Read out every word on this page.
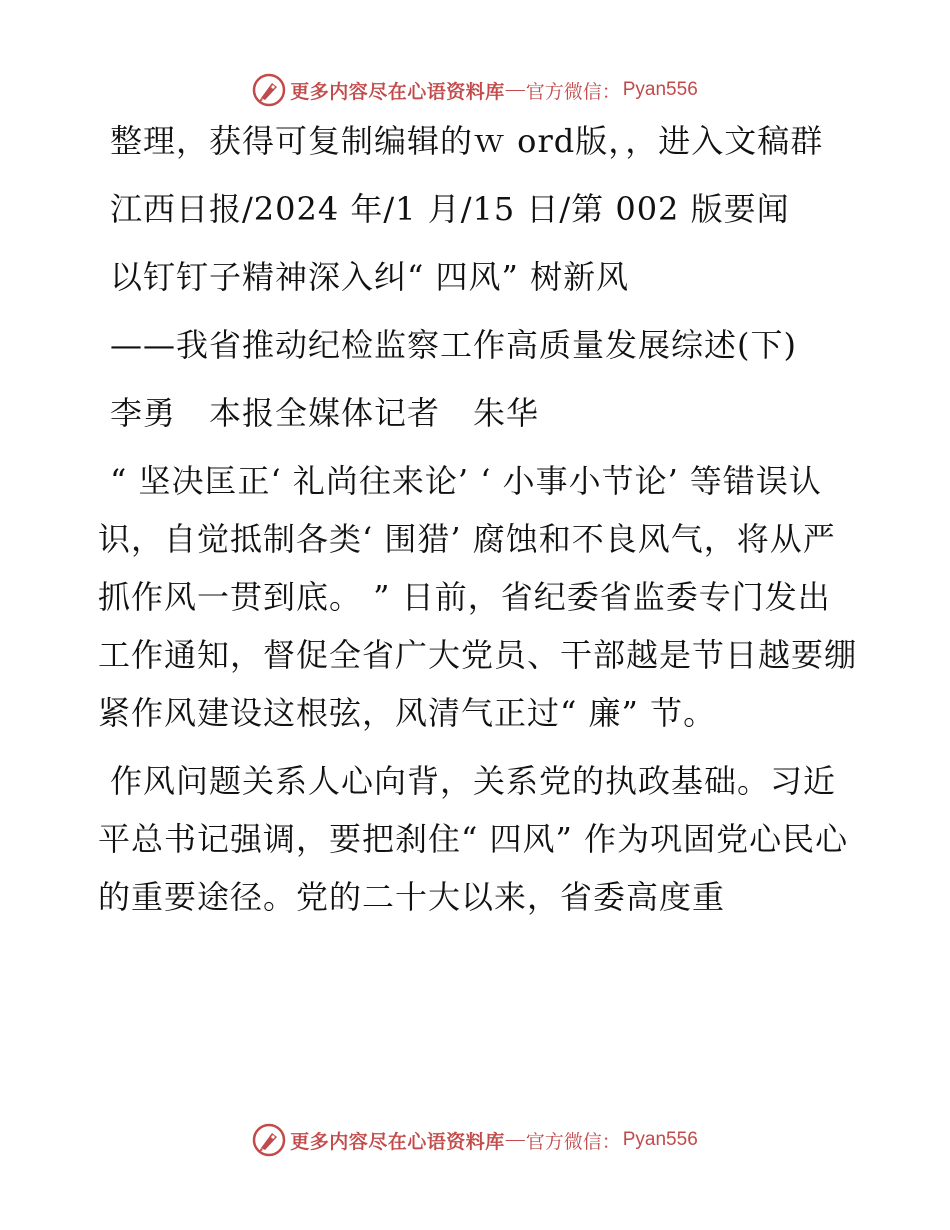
更多内容尽在心语资料库 — 官方微信： Pyan556

整理，获得可复制编辑的ｗ ord版，，进入文稿群

江西日报/2024 年/1 月/15 日/第 002 版要闻

以钉钉子精神深入纠“ 四风” 树新风

——我省推动纪检监察工作高质量发展综述(下)

李勇　本报全媒体记者　朱华

“ 坚决匡正‘ 礼尚往来论’ ‘ 小事小节论’ 等错误认识，自觉抵制各类‘ 围猎’ 腐蚀和不良风气，将从严抓作风一贯到底。 ” 日前，省纪委省监委专门发出工作通知，督促全省广大党员、干部越是节日越要绷紧作风建设这根弦，风清气正过“ 廉” 节。

作风问题关系人心向背，关系党的执政基础。习近平总书记强调，要把刹住“ 四风” 作为巩固党心民心的重要途径。党的二十大以来，省委高度重

更多内容尽在心语资料库 — 官方微信： Pyan556
